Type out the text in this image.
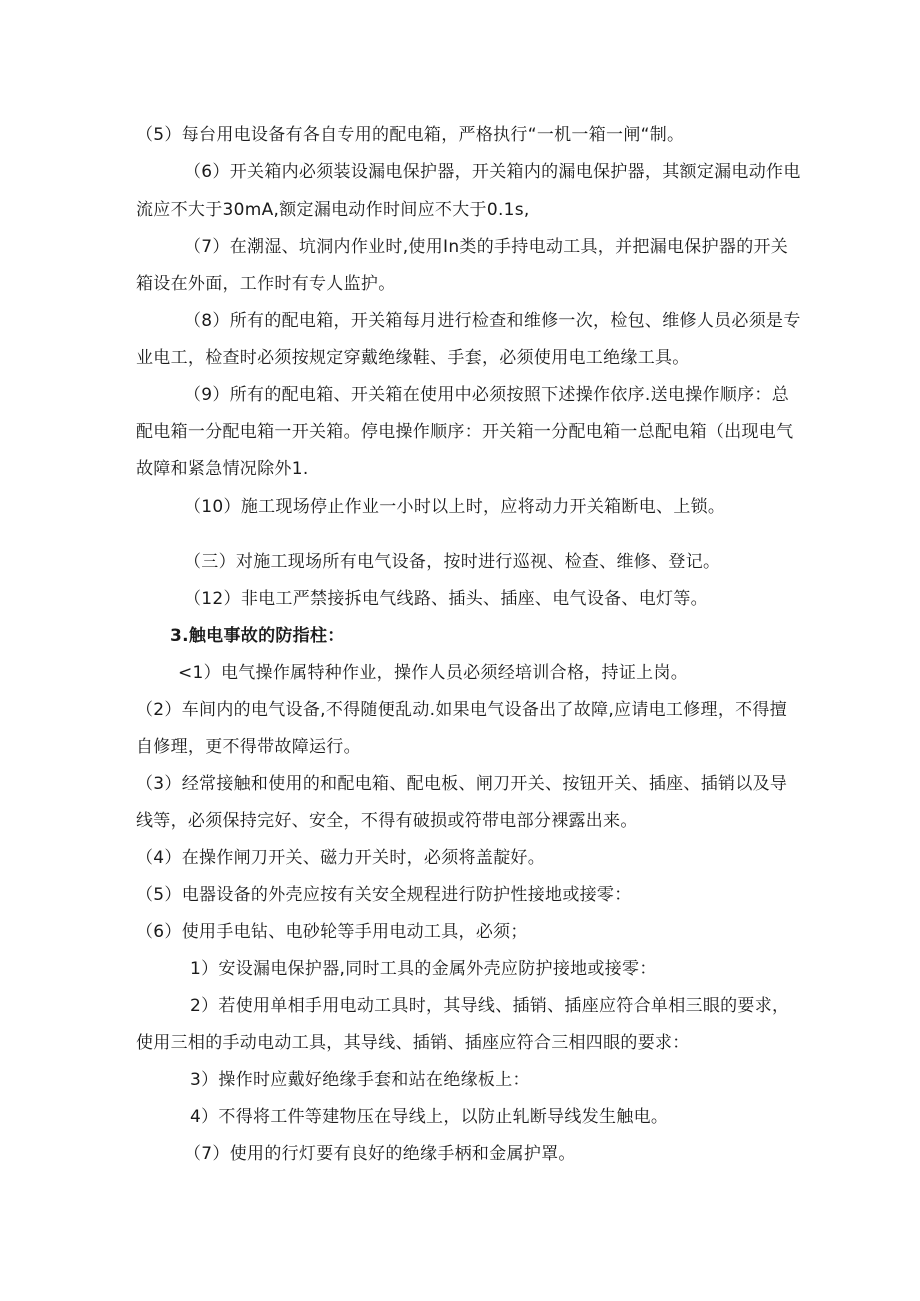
（5）每台用电设备有各自专用的配电箱，严格执行“一机一箱一闸“制。
（6）开关箱内必须装设漏电保护器，开关箱内的漏电保护器，其额定漏电动作电
流应不大于30mA,额定漏电动作时间应不大于0.1s,
（7）在潮湿、坑洞内作业时,使用In类的手持电动工具，并把漏电保护器的开关
箱设在外面，工作时有专人监护。
（8）所有的配电箱，开关箱每月进行检查和维修一次，检包、维修人员必须是专
业电工，检查时必须按规定穿戴绝缘鞋、手套，必须使用电工绝缘工具。
（9）所有的配电箱、开关箱在使用中必须按照下述操作依序.送电操作顺序：总
配电箱一分配电箱一开关箱。停电操作顺序：开关箱一分配电箱一总配电箱（出现电气
故障和紧急情况除外1.
（10）施工现场停止作业一小时以上时，应将动力开关箱断电、上锁。
（三）对施工现场所有电气设备，按时进行巡视、检查、维修、登记。
（12）非电工严禁接拆电气线路、插头、插座、电气设备、电灯等。
3.触电事故的防指柱：
<1）电气操作属特种作业，操作人员必须经培训合格，持证上岗。
（2）车间内的电气设备,不得随便乱动.如果电气设备出了故障,应请电工修理，不得擅
自修理，更不得带故障运行。
（3）经常接触和使用的和配电箱、配电板、闸刀开关、按钮开关、插座、插销以及导
线等，必须保持完好、安全，不得有破损或符带电部分裸露出来。
（4）在操作闸刀开关、磁力开关时，必须将盖靛好。
（5）电器设备的外壳应按有关安全规程进行防护性接地或接零：
（6）使用手电钻、电砂轮等手用电动工具，必须；
1）安设漏电保护器,同时工具的金属外壳应防护接地或接零：
2）若使用单相手用电动工具时，其导线、插销、插座应符合单相三眼的要求，
使用三相的手动电动工具，其导线、插销、插座应符合三相四眼的要求：
3）操作时应戴好绝缘手套和站在绝缘板上：
4）不得将工件等建物压在导线上，以防止轧断导线发生触电。
（7）使用的行灯要有良好的绝缘手柄和金属护罩。
